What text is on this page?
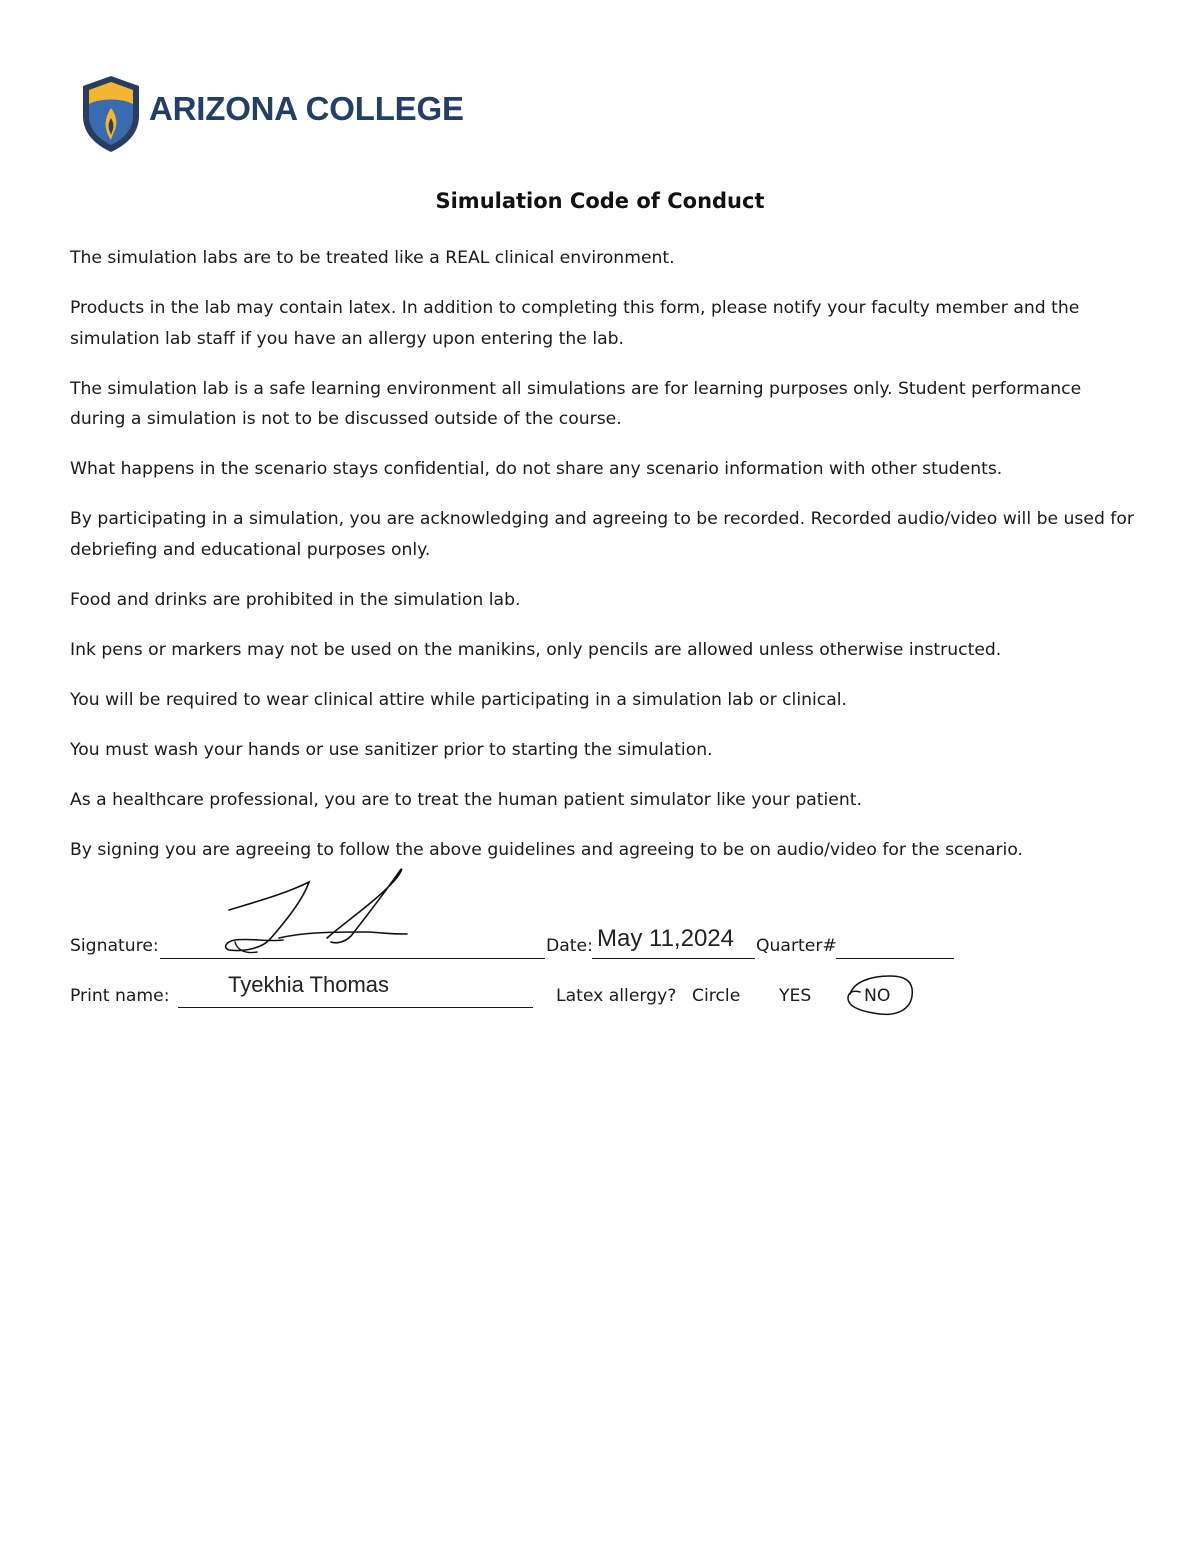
ARIZONA COLLEGE
Simulation Code of Conduct

The simulation labs are to be treated like a REAL clinical environment.

Products in the lab may contain latex. In addition to completing this form, please notify your faculty member and the simulation lab staff if you have an allergy upon entering the lab.

The simulation lab is a safe learning environment all simulations are for learning purposes only. Student performance during a simulation is not to be discussed outside of the course.

What happens in the scenario stays confidential, do not share any scenario information with other students.

By participating in a simulation, you are acknowledging and agreeing to be recorded. Recorded audio/video will be used for debriefing and educational purposes only.

Food and drinks are prohibited in the simulation lab.

Ink pens or markers may not be used on the manikins, only pencils are allowed unless otherwise instructed.

You will be required to wear clinical attire while participating in a simulation lab or clinical.

You must wash your hands or use sanitizer prior to starting the simulation.

As a healthcare professional, you are to treat the human patient simulator like your patient.

By signing you are agreeing to follow the above guidelines and agreeing to be on audio/video for the scenario.

Signature:	Date: May 11,2024 Quarter#
Print name:	Tyekhia Thomas	Latex allergy? Circle YES	NO
